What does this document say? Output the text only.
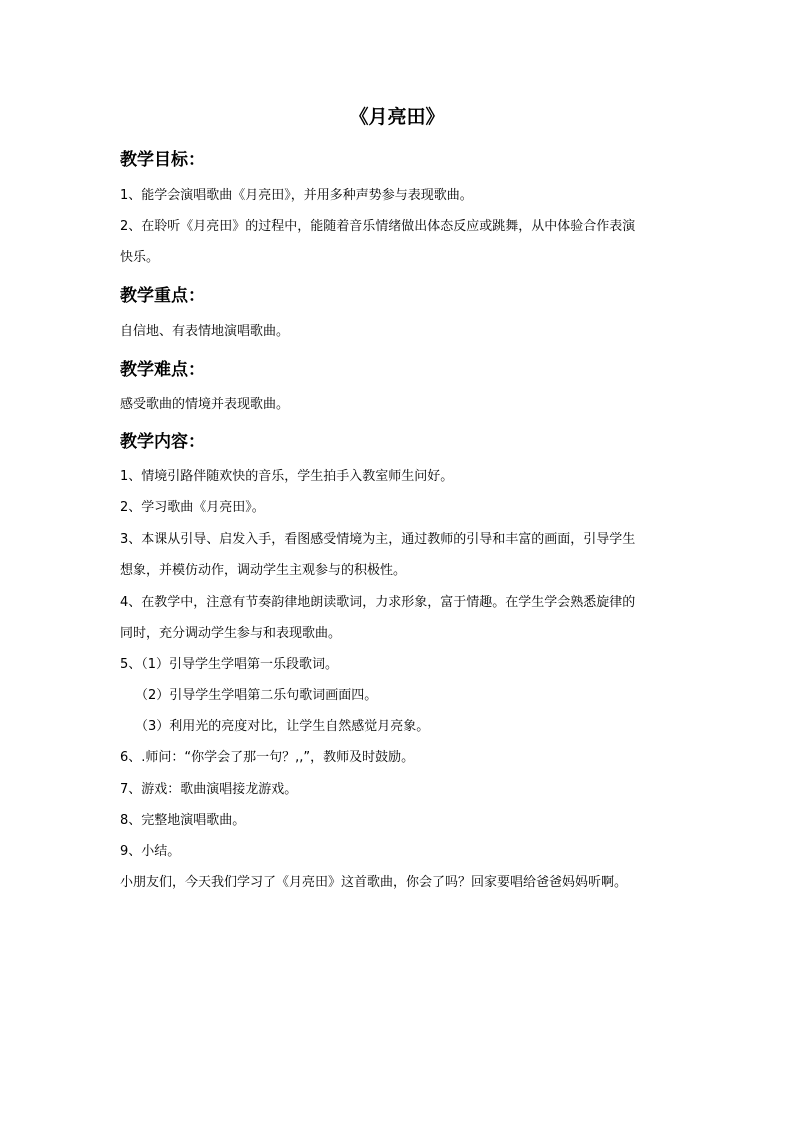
《月亮田》
教学目标：
1、能学会演唱歌曲《月亮田》，并用多种声势参与表现歌曲。
2、在聆听《月亮田》的过程中，能随着音乐情绪做出体态反应或跳舞，从中体验合作表演
快乐。
教学重点：
自信地、有表情地演唱歌曲。
教学难点：
感受歌曲的情境并表现歌曲。
教学内容：
1、情境引路伴随欢快的音乐，学生拍手入教室师生问好。
2、学习歌曲《月亮田》。
3、本课从引导、启发入手，看图感受情境为主，通过教师的引导和丰富的画面，引导学生
想象，并模仿动作，调动学生主观参与的积极性。
4、在教学中，注意有节奏韵律地朗读歌词，力求形象，富于情趣。在学生学会熟悉旋律的
同时，充分调动学生参与和表现歌曲。
5、（1）引导学生学唱第一乐段歌词。
（2）引导学生学唱第二乐句歌词画面四。
（3）利用光的亮度对比，让学生自然感觉月亮象。
6、.师问：“你学会了那一句？,,”，教师及时鼓励。
7、游戏：歌曲演唱接龙游戏。
8、完整地演唱歌曲。
9、小结。
小朋友们，今天我们学习了《月亮田》这首歌曲，你会了吗？回家要唱给爸爸妈妈听啊。
